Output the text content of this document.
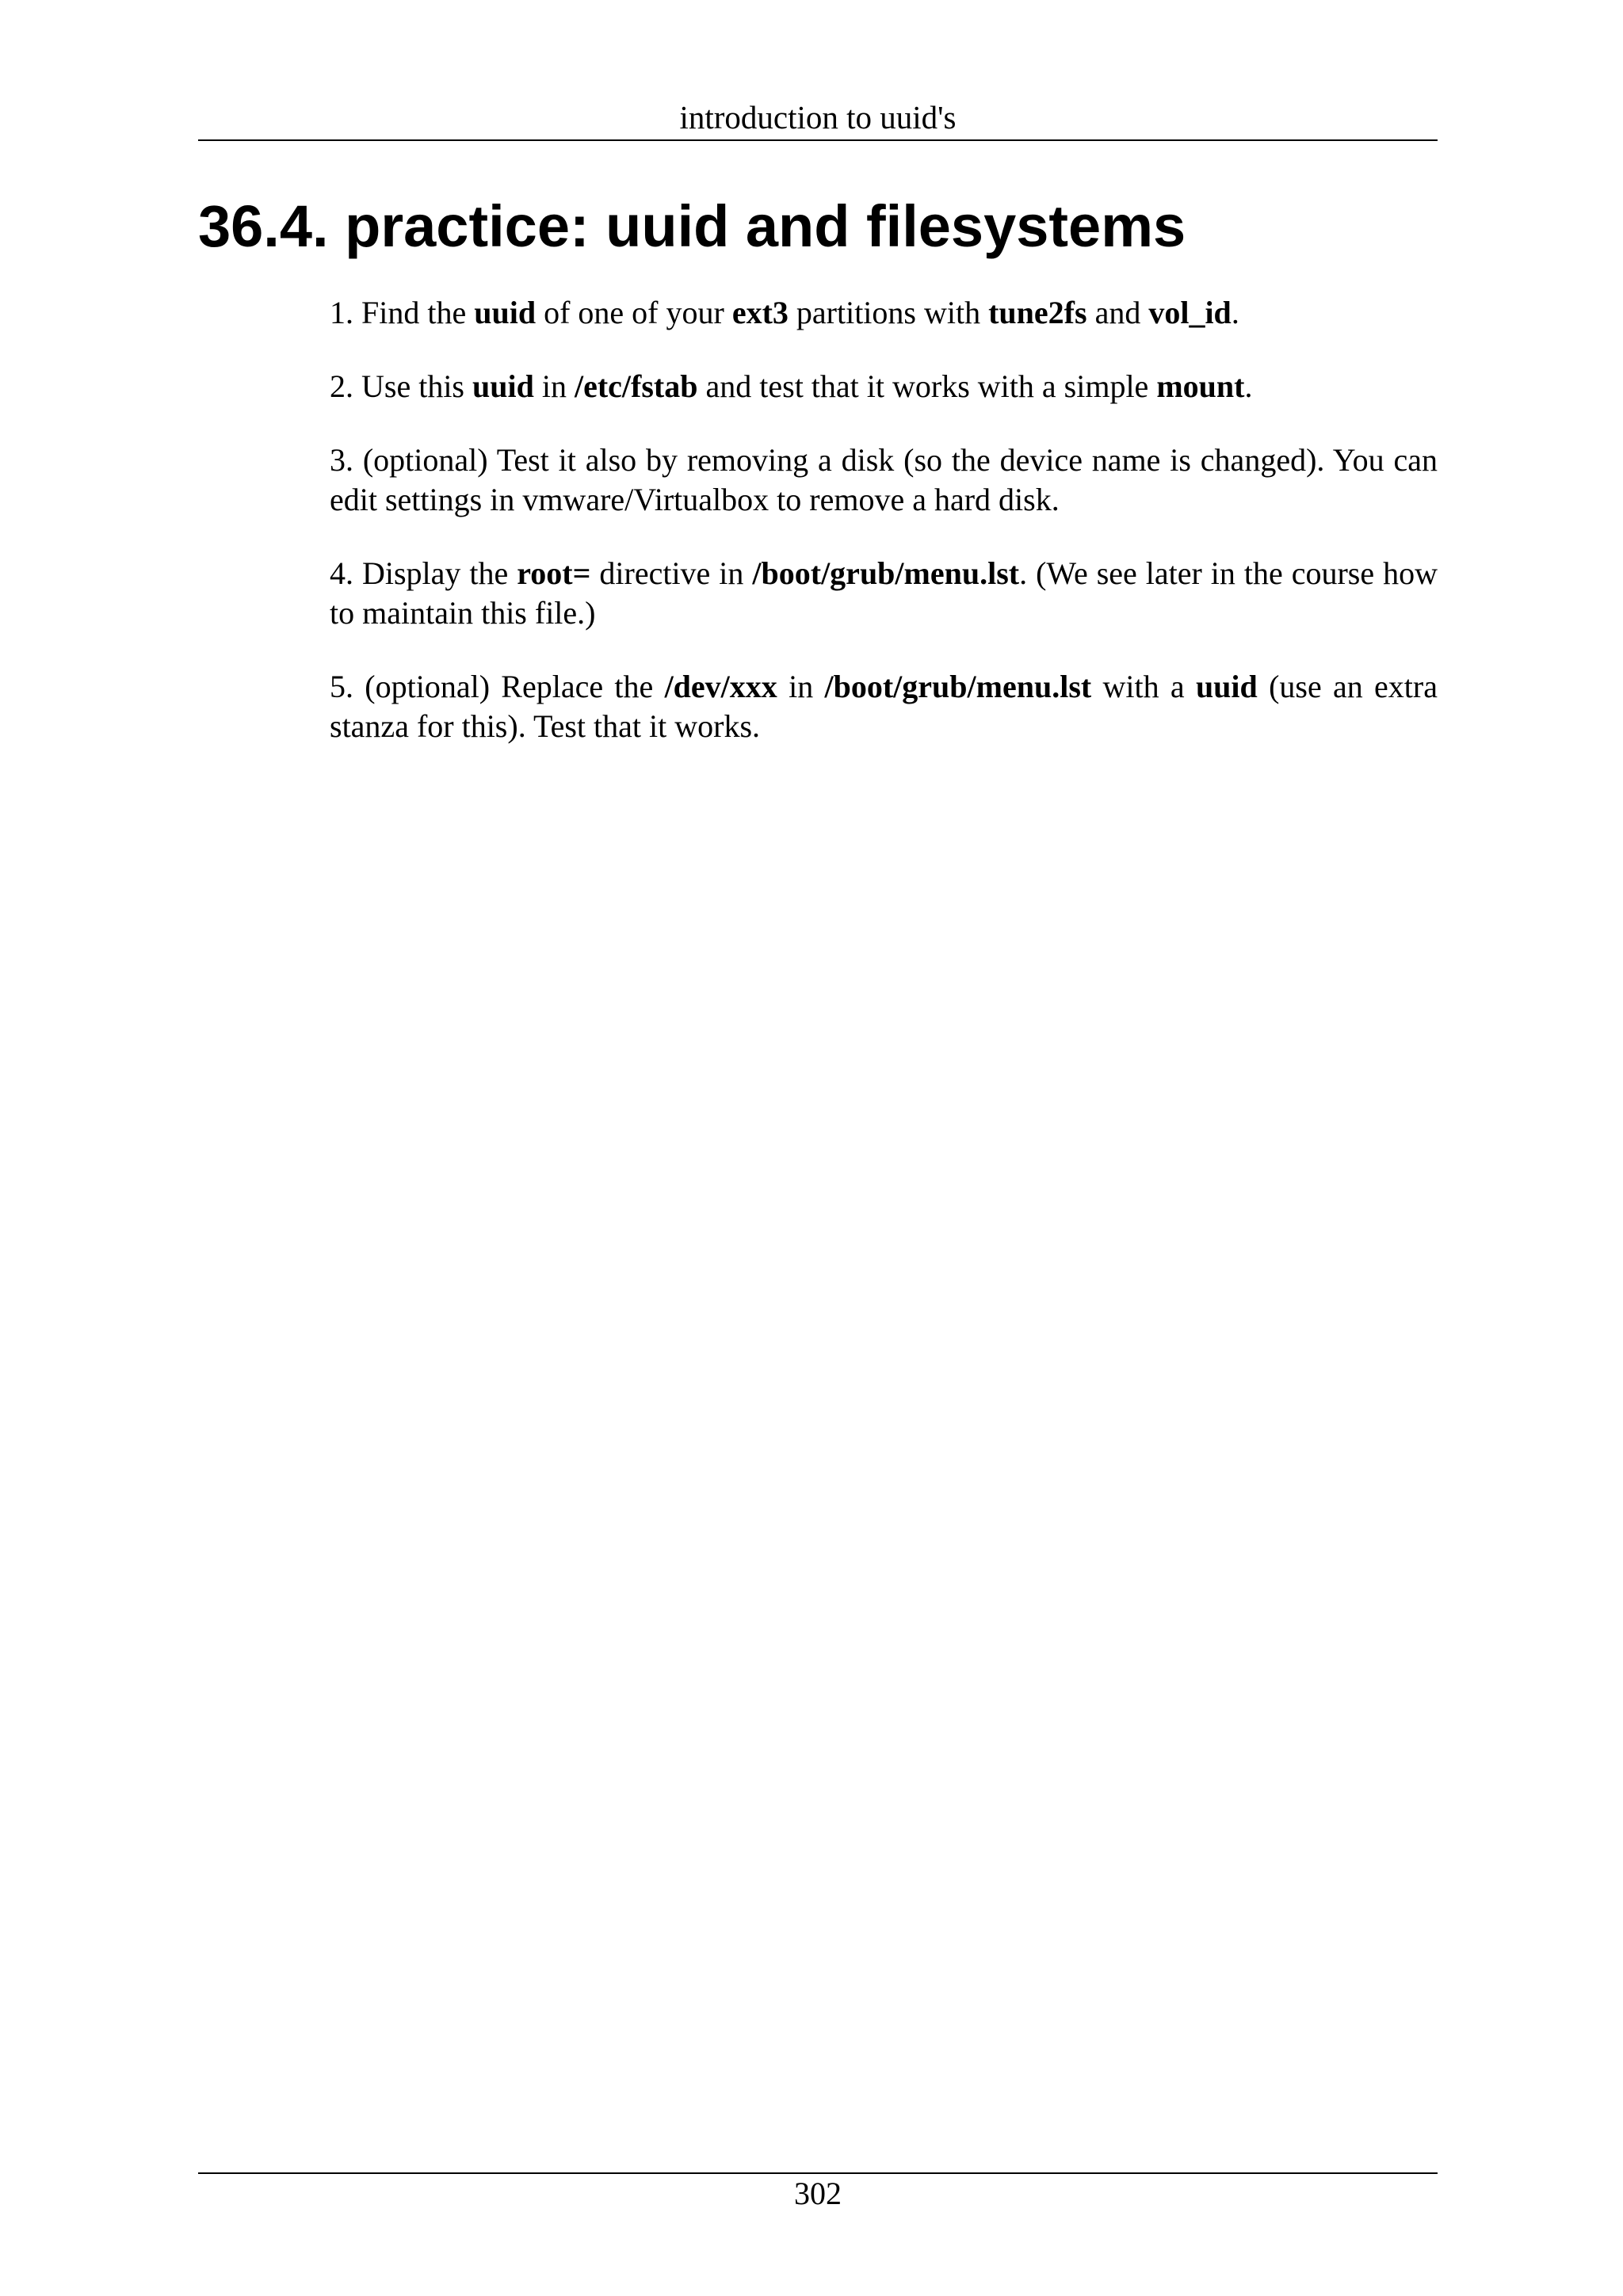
introduction to uuid's
36.4. practice: uuid and filesystems

1. Find the uuid of one of your ext3 partitions with tune2fs and vol_id.

2. Use this uuid in /etc/fstab and test that it works with a simple mount.

3. (optional) Test it also by removing a disk (so the device name is changed). You can edit settings in vmware/Virtualbox to remove a hard disk.

4. Display the root= directive in /boot/grub/menu.lst. (We see later in the course how to maintain this file.)

5. (optional) Replace the /dev/xxx in /boot/grub/menu.lst with a uuid (use an extra stanza for this). Test that it works.

302
